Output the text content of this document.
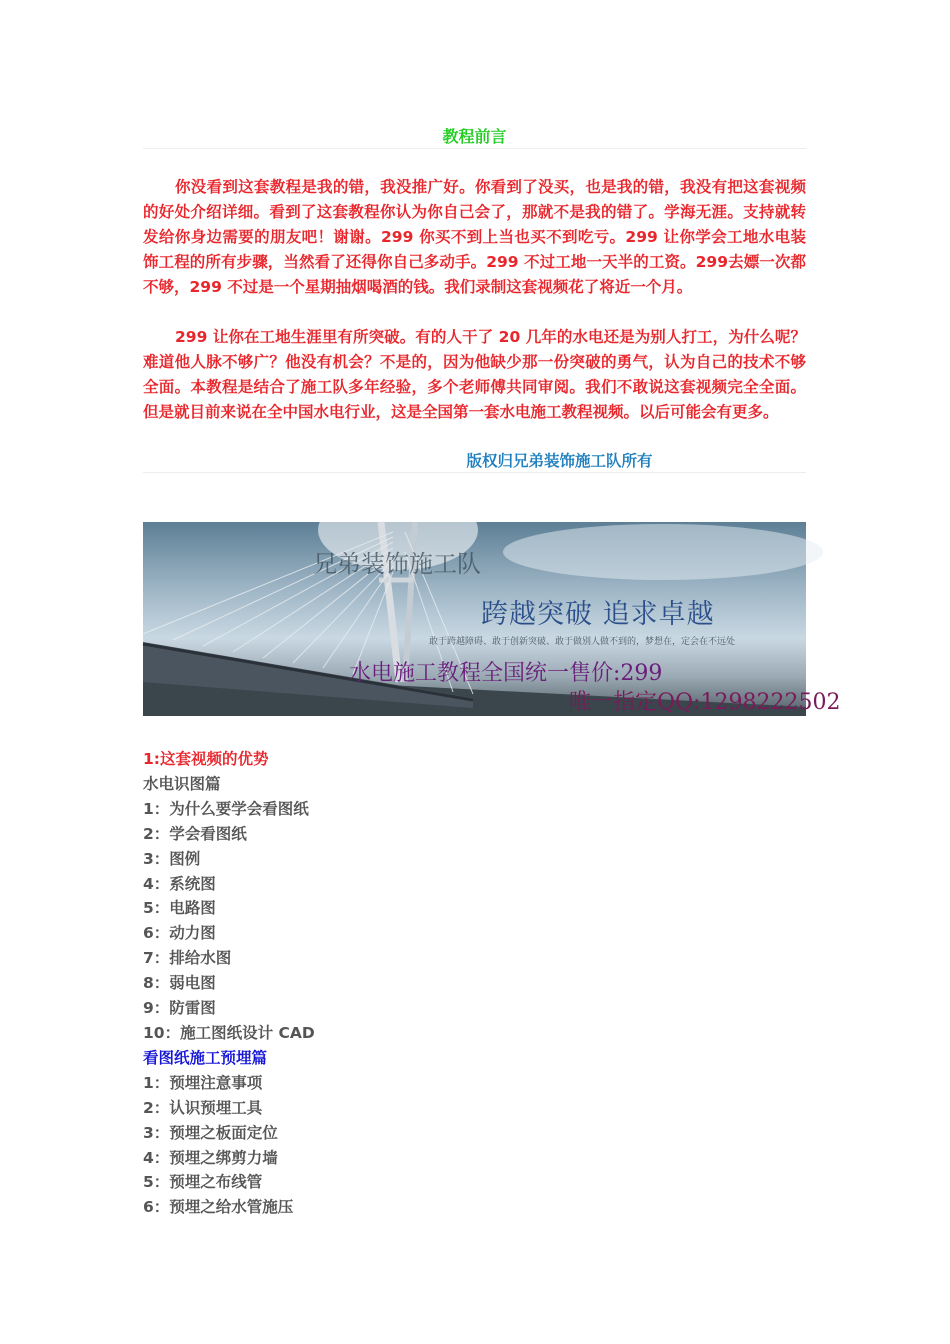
教程前言

你没看到这套教程是我的错，我没推广好。你看到了没买，也是我的错，我没有把这套视频的好处介绍详细。看到了这套教程你认为你自己会了，那就不是我的错了。学海无涯。支持就转发给你身边需要的朋友吧！谢谢。299 你买不到上当也买不到吃亏。299 让你学会工地水电装饰工程的所有步骤，当然看了还得你自己多动手。299 不过工地一天半的工资。299去嫖一次都不够，299 不过是一个星期抽烟喝酒的钱。我们录制这套视频花了将近一个月。

299 让你在工地生涯里有所突破。有的人干了 20 几年的水电还是为别人打工，为什么呢？难道他人脉不够广？他没有机会？不是的，因为他缺少那一份突破的勇气，认为自己的技术不够全面。本教程是结合了施工队多年经验，多个老师傅共同审阅。我们不敢说这套视频完全全面。但是就目前来说在全中国水电行业，这是全国第一套水电施工教程视频。以后可能会有更多。

版权归兄弟装饰施工队所有
兄弟装饰施工队
跨越突破 追求卓越
敢于跨越障碍、敢于创新突破、敢于做别人做不到的，梦想在，定会在不远处
水电施工教程全国统一售价:299
唯一指定QQ:1298222502
1:这套视频的优势
水电识图篇
1：为什么要学会看图纸
2：学会看图纸
3：图例
4：系统图
5：电路图
6：动力图
7：排给水图
8：弱电图
9：防雷图
10：施工图纸设计 CAD
看图纸施工预埋篇
1：预埋注意事项
2：认识预埋工具
3：预埋之板面定位
4：预埋之绑剪力墙
5：预埋之布线管
6：预埋之给水管施压
